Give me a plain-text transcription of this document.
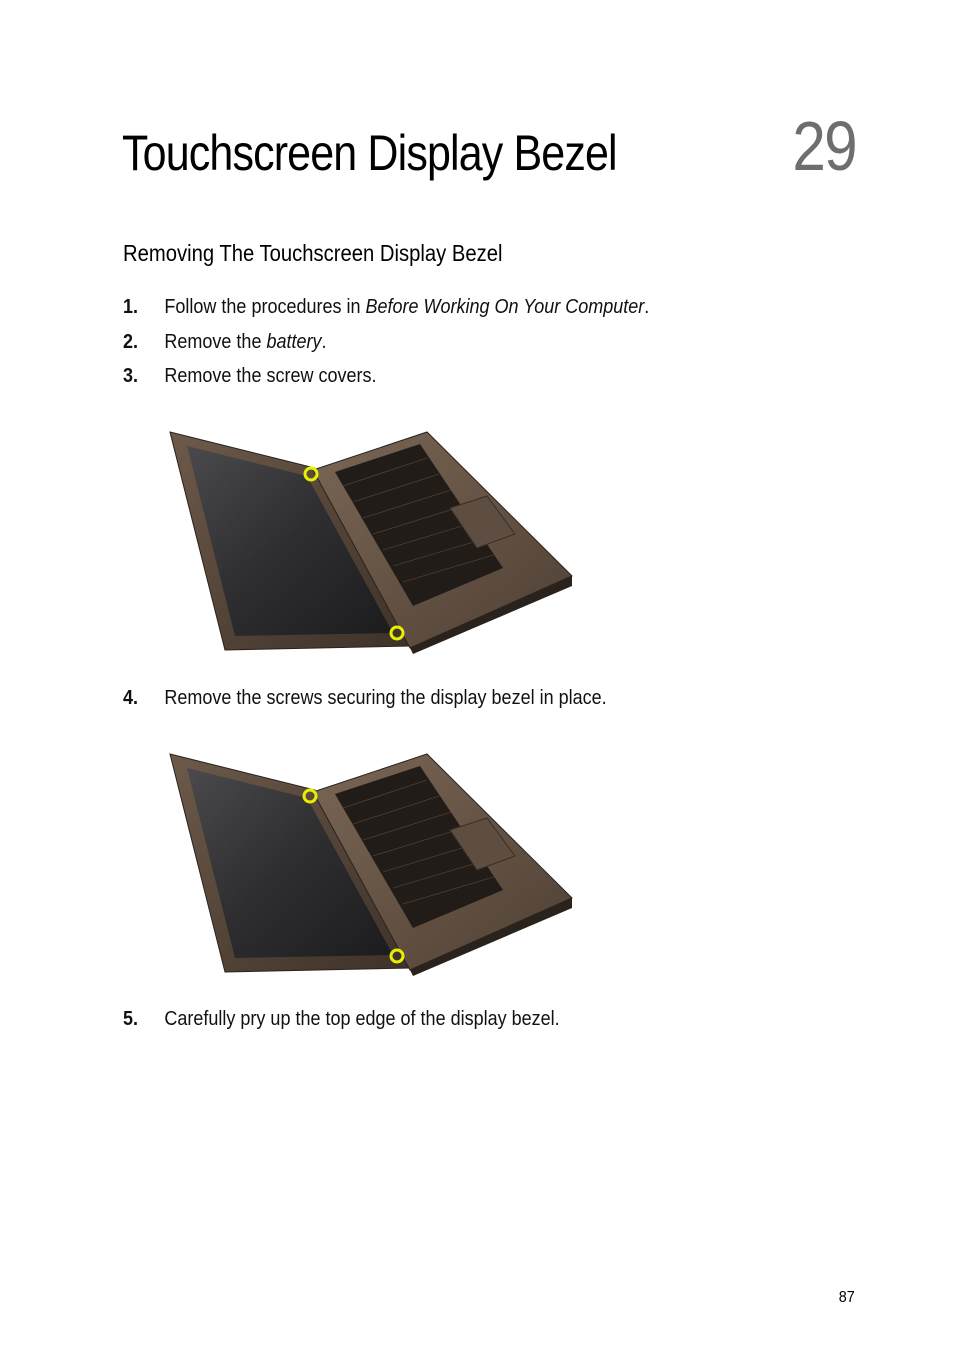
Touchscreen Display Bezel	29
Removing The Touchscreen Display Bezel
1. Follow the procedures in Before Working On Your Computer.
2. Remove the battery.
3. Remove the screw covers.
4. Remove the screws securing the display bezel in place.
5. Carefully pry up the top edge of the display bezel.
87
